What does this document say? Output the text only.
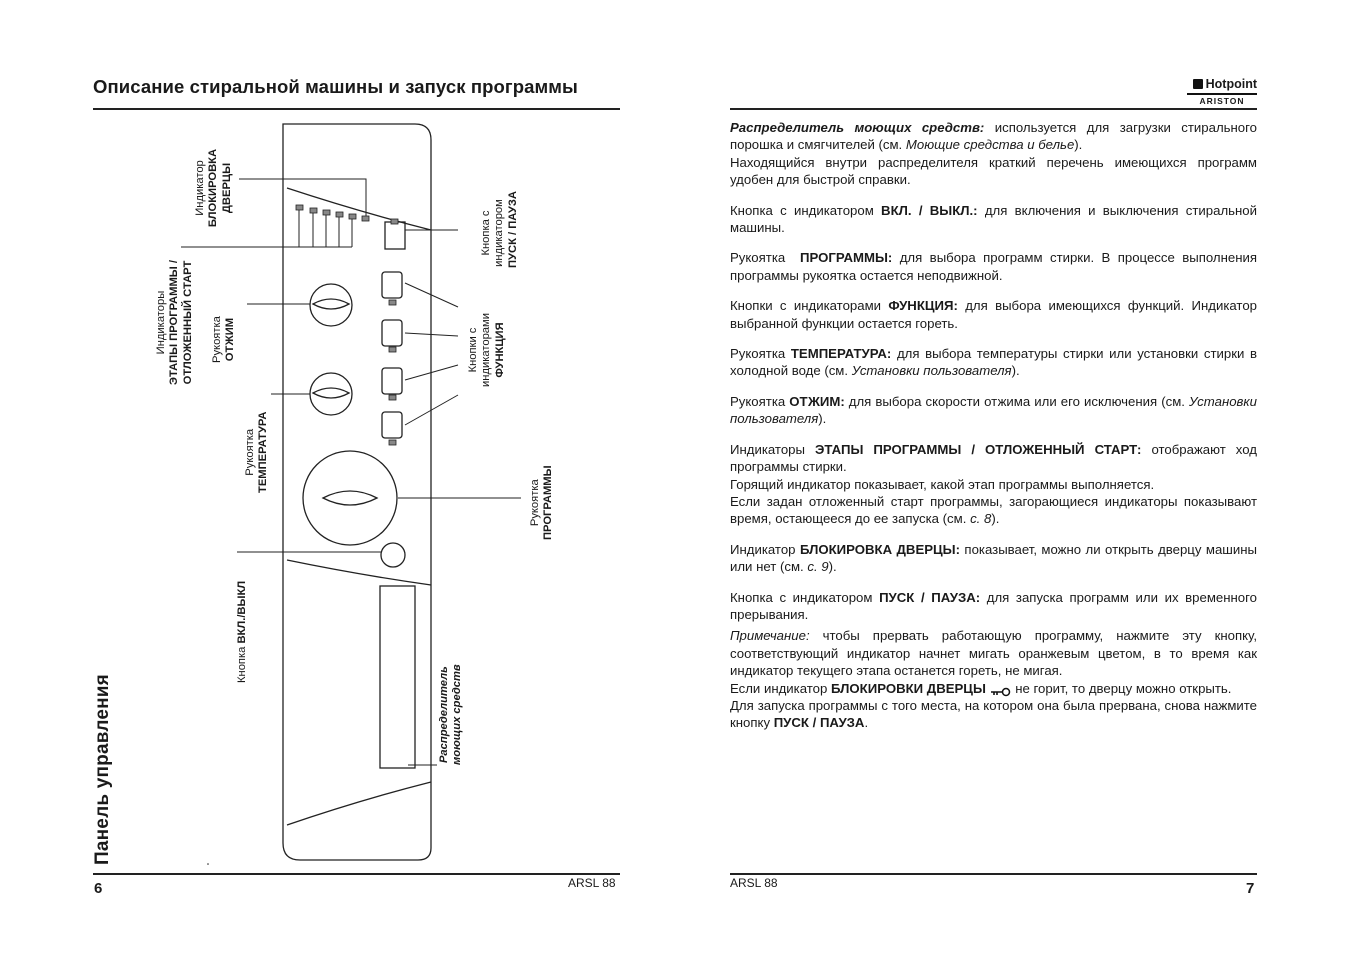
Описание стиральной машины и запуск программы
Индикатор БЛОКИРОВКА ДВЕРЦЫ
Кнопка с индикатором ПУСК / ПАУЗА
Индикаторы ЭТАПЫ ПРОГРАММЫ / ОТЛОЖЕННЫЙ СТАРТ Рукоятка ОТЖИМ	Кнопки с индикаторами ФУНКЦИЯ
Рукоятка ТЕМПЕРАТУРА
Рукоятка ПРОГРАММЫ
Кнопка ВКЛ./ВЫКЛ
Распределитель моющих средств
Панель управления
6	ARSL 88
Hotpoint
ARISTON

Распределитель моющих средств: используется для загрузки стирального порошка и смягчителей (см. Моющие средства и белье).

Находящийся внутри распределителя краткий перечень имеющихся программ удобен для быстрой справки.

Кнопка с индикатором ВКЛ. / ВЫКЛ.: для включения и выключения стиральной машины.

Рукоятка  ПРОГРАММЫ: для выбора программ стирки. В процессе выполнения программы рукоятка остается неподвижной.

Кнопки с индикаторами ФУНКЦИЯ: для выбора имеющихся функций. Индикатор выбранной функции остается гореть.

Рукоятка ТЕМПЕРАТУРА: для выбора температуры стирки или установки стирки в холодной воде (см. Установки пользователя).

Рукоятка ОТЖИМ: для выбора скорости отжима или его исключения (см. Установки пользователя).

Индикаторы ЭТАПЫ ПРОГРАММЫ / ОТЛОЖЕННЫЙ СТАРТ: отображают ход программы стирки.

Горящий индикатор показывает, какой этап программы выполняется.

Если задан отложенный старт программы, загорающиеся индикаторы показывают время, остающееся до ее запуска (см. с. 8).

Индикатор БЛОКИРОВКА ДВЕРЦЫ: показывает, можно ли открыть дверцу машины или нет (см. с. 9).

Кнопка с индикатором ПУСК / ПАУЗА: для запуска программ или их временного прерывания.

Примечание: чтобы прервать работающую программу, нажмите эту кнопку, соответствующий индикатор начнет мигать оранжевым цветом, в то время как индикатор текущего этапа останется гореть, не мигая.

Если индикатор БЛОКИРОВКИ ДВЕРЦЫ  не горит, то дверцу можно открыть.

Для запуска программы с того места, на котором она была прервана, снова нажмите кнопку ПУСК / ПАУЗА.

ARSL 88	7
